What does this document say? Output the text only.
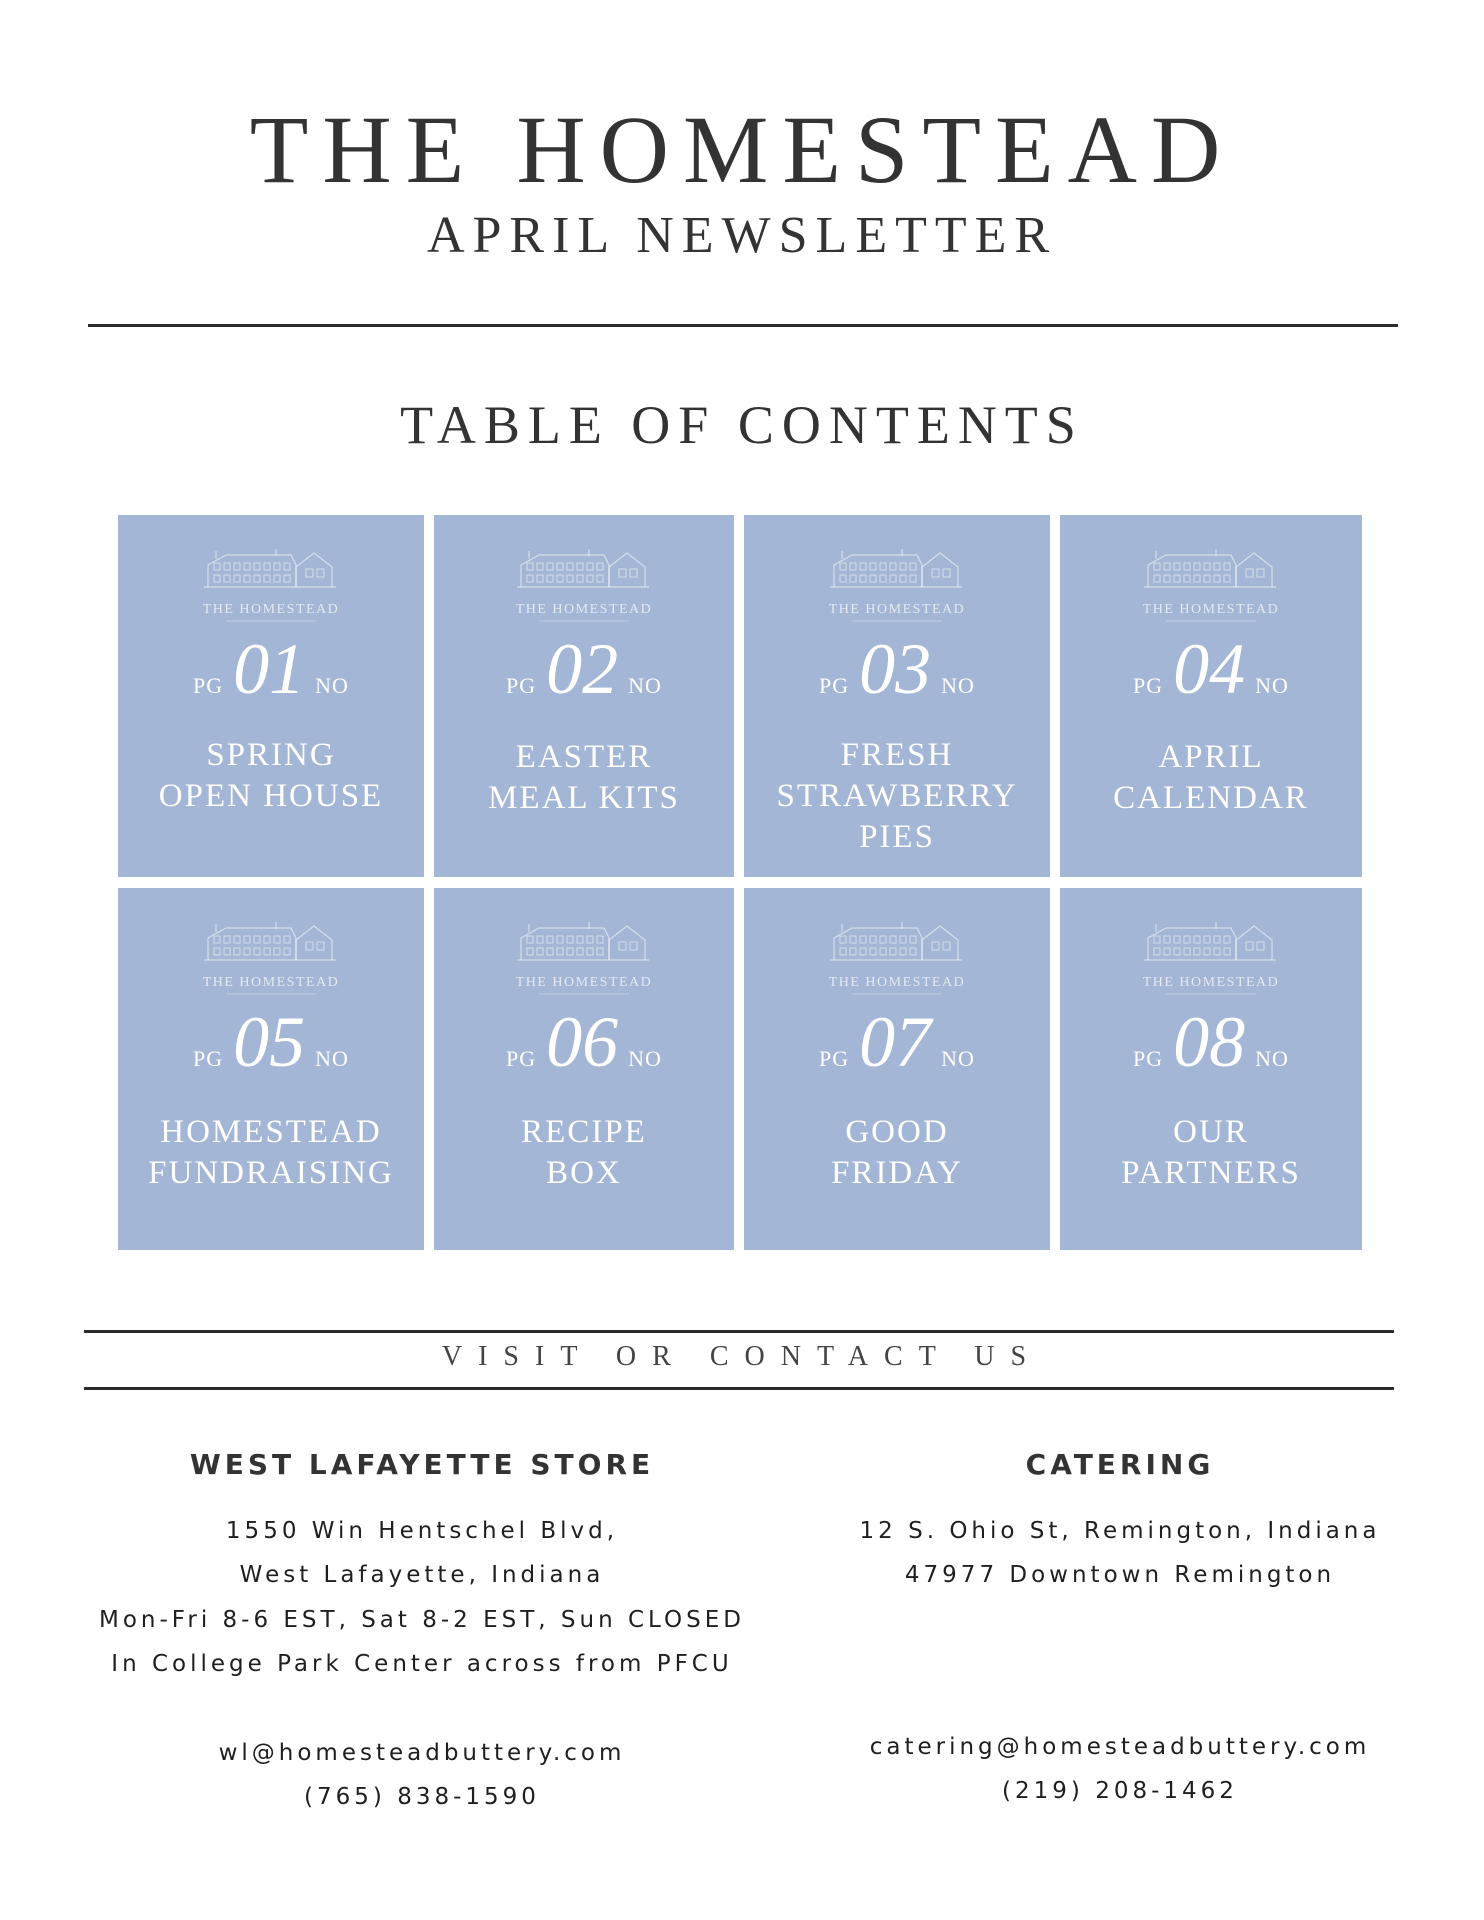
THE HOMESTEAD
APRIL NEWSLETTER
TABLE OF CONTENTS
THE HOMESTEAD
PG 01 NO
SPRING
OPEN HOUSE
THE HOMESTEAD
PG 02 NO
EASTER
MEAL KITS
THE HOMESTEAD
PG 03 NO
FRESH
STRAWBERRY
PIES
THE HOMESTEAD
PG 04 NO
APRIL
CALENDAR
THE HOMESTEAD
PG 05 NO
HOMESTEAD
FUNDRAISING
THE HOMESTEAD
PG 06 NO
RECIPE
BOX
THE HOMESTEAD
PG 07 NO
GOOD
FRIDAY
THE HOMESTEAD
PG 08 NO
OUR
PARTNERS
VISIT OR CONTACT US
WEST LAFAYETTE STORE
1550 Win Hentschel Blvd,
West Lafayette, Indiana
Mon-Fri 8-6 EST, Sat 8-2 EST, Sun CLOSED
In College Park Center across from PFCU
wl@homesteadbuttery.com
(765) 838-1590
CATERING
12 S. Ohio St, Remington, Indiana
47977 Downtown Remington
catering@homesteadbuttery.com
(219) 208-1462
